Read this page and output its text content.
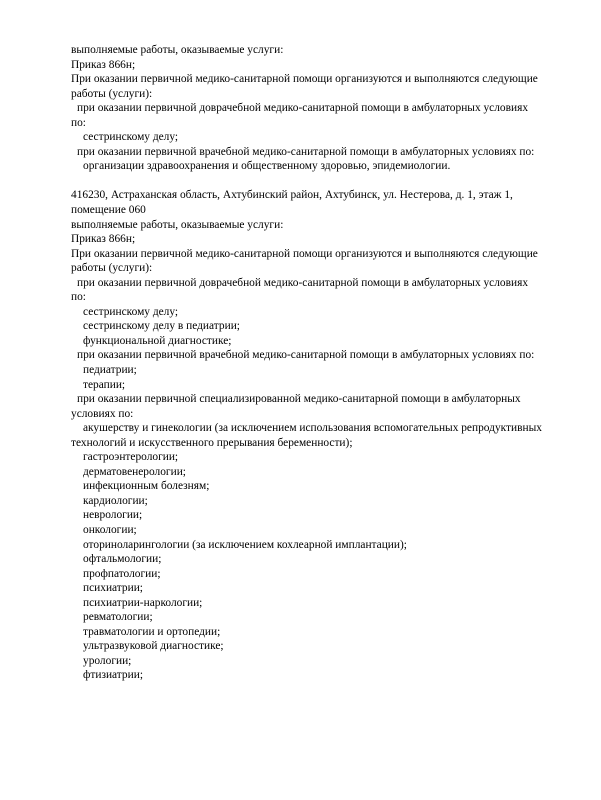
выполняемые работы, оказываемые услуги:
Приказ 866н;
При оказании первичной медико-санитарной помощи организуются и выполняются следующие
работы (услуги):
при оказании первичной доврачебной медико-санитарной помощи в амбулаторных условиях
по:
сестринскому делу;
при оказании первичной врачебной медико-санитарной помощи в амбулаторных условиях по:
организации здравоохранения и общественному здоровью, эпидемиологии.
416230, Астраханская область, Ахтубинский район, Ахтубинск, ул. Нестерова, д. 1, этаж 1,
помещение 060
выполняемые работы, оказываемые услуги:
Приказ 866н;
При оказании первичной медико-санитарной помощи организуются и выполняются следующие
работы (услуги):
при оказании первичной доврачебной медико-санитарной помощи в амбулаторных условиях
по:
сестринскому делу;
сестринскому делу в педиатрии;
функциональной диагностике;
при оказании первичной врачебной медико-санитарной помощи в амбулаторных условиях по:
педиатрии;
терапии;
при оказании первичной специализированной медико-санитарной помощи в амбулаторных
условиях по:
акушерству и гинекологии (за исключением использования вспомогательных репродуктивных
технологий и искусственного прерывания беременности);
гастроэнтерологии;
дерматовенерологии;
инфекционным болезням;
кардиологии;
неврологии;
онкологии;
оториноларингологии (за исключением кохлеарной имплантации);
офтальмологии;
профпатологии;
психиатрии;
психиатрии-наркологии;
ревматологии;
травматологии и ортопедии;
ультразвуковой диагностике;
урологии;
фтизиатрии;
